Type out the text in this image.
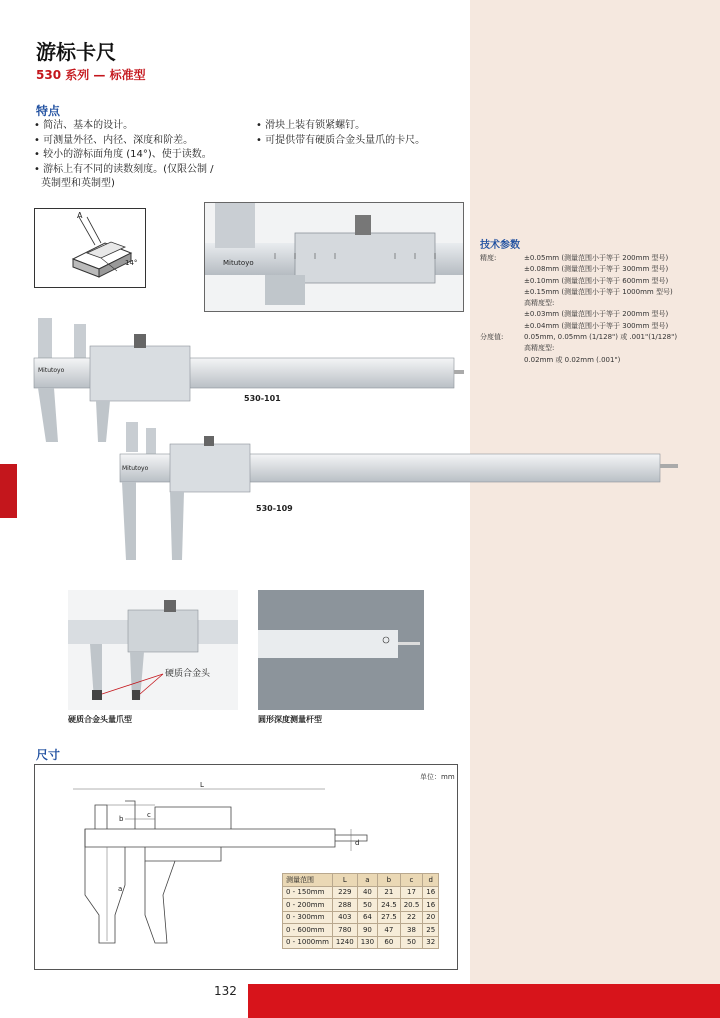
132
游标卡尺
530 系列 — 标准型
特点
• 简洁、基本的设计。
• 可测量外径、内径、深度和阶差。
• 较小的游标面角度 (14°)、使于读数。
• 游标上有不同的读数刻度。(仅限公制 /
英制型和英制型)
• 滑块上装有锁紧螺钉。
• 可提供带有硬质合金头量爪的卡尺。
A
14°	Mitutoyo
技术参数
精度:	±0.05mm (测量范围小于等于 200mm 型号)
±0.08mm (测量范围小于等于 300mm 型号)
±0.10mm (测量范围小于等于 600mm 型号)
±0.15mm (测量范围小于等于 1000mm 型号)
高精度型:
±0.03mm (测量范围小于等于 200mm 型号)
±0.04mm (测量范围小于等于 300mm 型号)
分度值:	0.05mm, 0.05mm (1/128") 或 .001"(1/128")
高精度型:
0.02mm 或 0.02mm (.001")
Mitutoyo
530-101
Mitutoyo
530-109
硬质合金头
硬质合金头量爪型	圆形深度测量杆型
尺寸
L
b	c
d
a
单位：mm
测量范围	L	a	b	c	d
0 - 150mm	229	40	21	17	16
0 - 200mm	288	50	24.5	20.5	16
0 - 300mm	403	64	27.5	22	20
0 - 600mm	780	90	47	38	25
0 - 1000mm	1240	130	60	50	32
